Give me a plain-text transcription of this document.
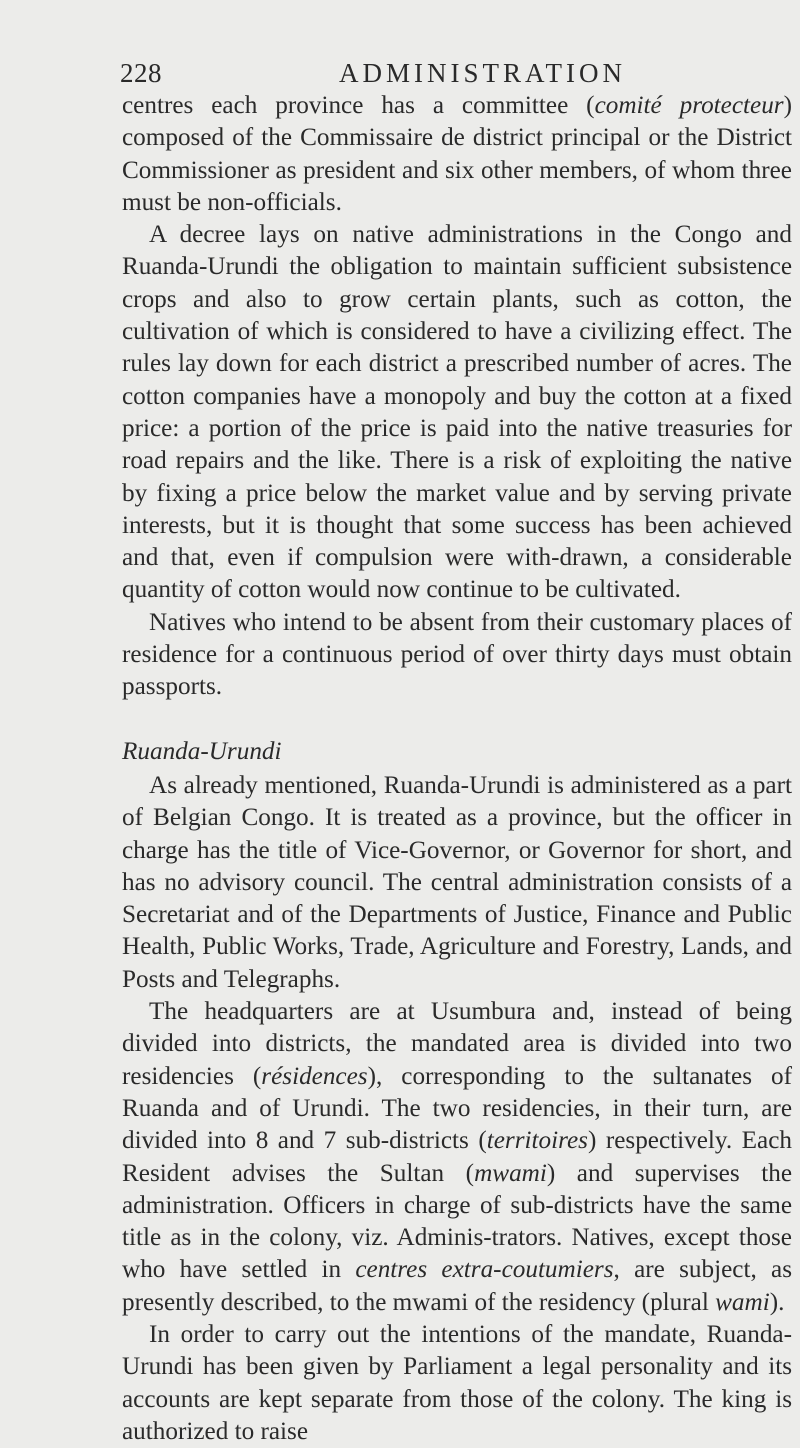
228	ADMINISTRATION

centres each province has a committee (comité protecteur) composed of the Commissaire de district principal or the District Commissioner as president and six other members, of whom three must be non-officials.

A decree lays on native administrations in the Congo and Ruanda-Urundi the obligation to maintain sufficient subsistence crops and also to grow certain plants, such as cotton, the cultivation of which is considered to have a civilizing effect. The rules lay down for each district a prescribed number of acres. The cotton companies have a monopoly and buy the cotton at a fixed price: a portion of the price is paid into the native treasuries for road repairs and the like. There is a risk of exploiting the native by fixing a price below the market value and by serving private interests, but it is thought that some success has been achieved and that, even if compulsion were with-drawn, a considerable quantity of cotton would now continue to be cultivated.

Natives who intend to be absent from their customary places of residence for a continuous period of over thirty days must obtain passports.

Ruanda-Urundi

As already mentioned, Ruanda-Urundi is administered as a part of Belgian Congo. It is treated as a province, but the officer in charge has the title of Vice-Governor, or Governor for short, and has no advisory council. The central administration consists of a Secretariat and of the Departments of Justice, Finance and Public Health, Public Works, Trade, Agriculture and Forestry, Lands, and Posts and Telegraphs.

The headquarters are at Usumbura and, instead of being divided into districts, the mandated area is divided into two residencies (résidences), corresponding to the sultanates of Ruanda and of Urundi. The two residencies, in their turn, are divided into 8 and 7 sub-districts (territoires) respectively. Each Resident advises the Sultan (mwami) and supervises the administration. Officers in charge of sub-districts have the same title as in the colony, viz. Adminis-trators. Natives, except those who have settled in centres extra-coutumiers, are subject, as presently described, to the mwami of the residency (plural wami).

In order to carry out the intentions of the mandate, Ruanda-Urundi has been given by Parliament a legal personality and its accounts are kept separate from those of the colony. The king is authorized to raise
